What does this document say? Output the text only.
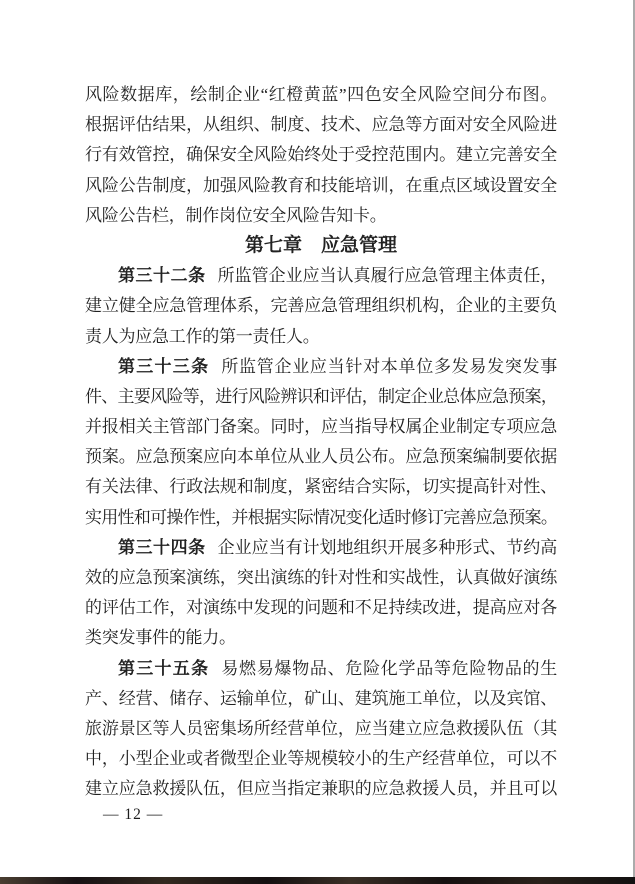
风险数据库，绘制企业“红橙黄蓝”四色安全风险空间分布图。
根据评估结果，从组织、制度、技术、应急等方面对安全风险进
行有效管控，确保安全风险始终处于受控范围内。建立完善安全
风险公告制度，加强风险教育和技能培训，在重点区域设置安全
风险公告栏，制作岗位安全风险告知卡。
第七章　应急管理
第三十二条 所监管企业应当认真履行应急管理主体责任，
建立健全应急管理体系，完善应急管理组织机构，企业的主要负
责人为应急工作的第一责任人。
第三十三条 所监管企业应当针对本单位多发易发突发事
件、主要风险等，进行风险辨识和评估，制定企业总体应急预案，
并报相关主管部门备案。同时，应当指导权属企业制定专项应急
预案。应急预案应向本单位从业人员公布。应急预案编制要依据
有关法律、行政法规和制度，紧密结合实际，切实提高针对性、
实用性和可操作性，并根据实际情况变化适时修订完善应急预案。
第三十四条 企业应当有计划地组织开展多种形式、节约高
效的应急预案演练，突出演练的针对性和实战性，认真做好演练
的评估工作，对演练中发现的问题和不足持续改进，提高应对各
类突发事件的能力。
第三十五条 易燃易爆物品、危险化学品等危险物品的生
产、经营、储存、运输单位，矿山、建筑施工单位，以及宾馆、
旅游景区等人员密集场所经营单位，应当建立应急救援队伍（其
中，小型企业或者微型企业等规模较小的生产经营单位，可以不
建立应急救援队伍，但应当指定兼职的应急救援人员，并且可以
— 12 —
